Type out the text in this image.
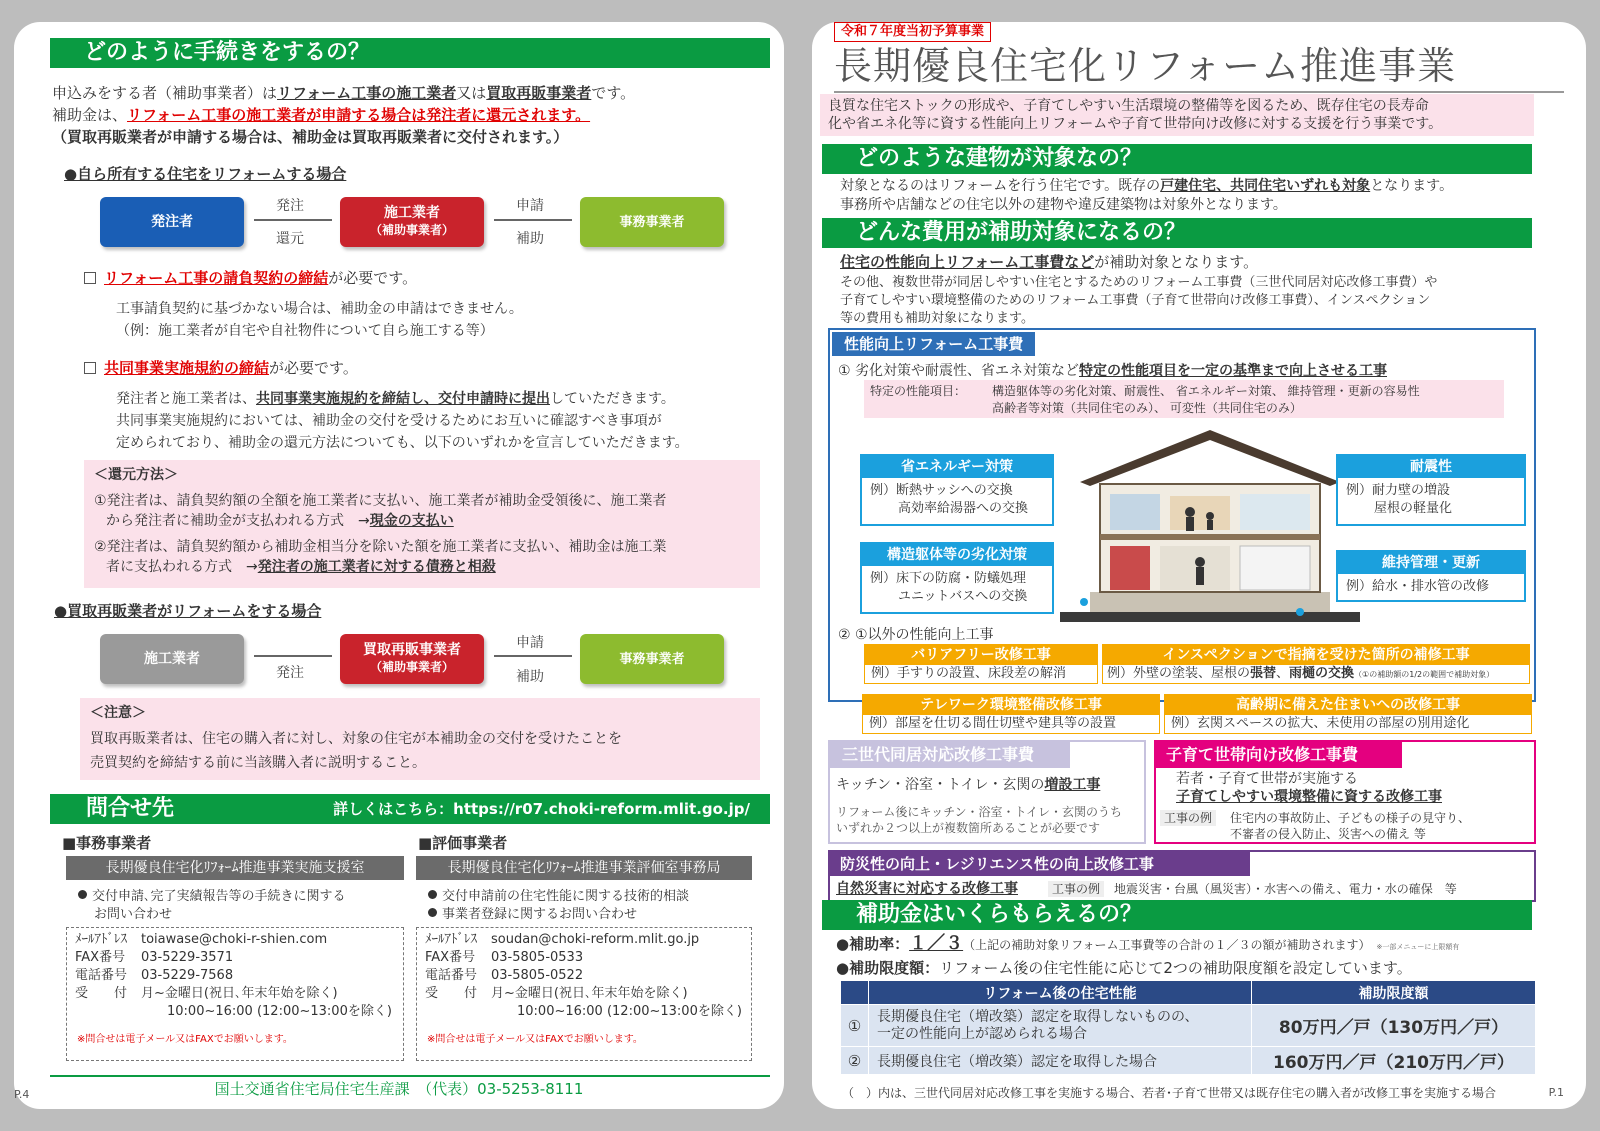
どのように手続きをするの？
申込みをする者（補助事業者）はリフォーム工事の施工業者又は買取再販事業者です。
補助金は、リフォーム工事の施工業者が申請する場合は発注者に還元されます。
（買取再販業者が申請する場合は、補助金は買取再販業者に交付されます。）
●自ら所有する住宅をリフォームする場合
発注者
発注
還元
施工業者
（補助事業者）
申請
補助
事務事業者
リフォーム工事の請負契約の締結が必要です。
工事請負契約に基づかない場合は、補助金の申請はできません。
（例：施工業者が自宅や自社物件について自ら施工する等）
共同事業実施規約の締結が必要です。
発注者と施工業者は、共同事業実施規約を締結し、交付申請時に提出していただきます。
共同事業実施規約においては、補助金の交付を受けるためにお互いに確認すべき事項が
定められており、補助金の還元方法についても、以下のいずれかを宣言していただきます。
＜還元方法＞
①発注者は、請負契約額の全額を施工業者に支払い、施工業者が補助金受領後に、施工業者
から発注者に補助金が支払われる方式　→現金の支払い
②発注者は、請負契約額から補助金相当分を除いた額を施工業者に支払い、補助金は施工業
者に支払われる方式　→発注者の施工業者に対する債務と相殺
●買取再販業者がリフォームをする場合
施工業者
発注
買取再販事業者
（補助事業者）
申請
補助
事務事業者
＜注意＞
買取再販業者は、住宅の購入者に対し、対象の住宅が本補助金の交付を受けたことを
売買契約を締結する前に当該購入者に説明すること。
問合せ先	詳しくはこちら：https://r07.choki-reform.mlit.go.jp/
■事務事業者
長期優良住宅化ﾘﾌｫｰﾑ推進事業実施支援室
交付申請､完了実績報告等の手続きに関する
お問い合わせ
ﾒｰﾙｱﾄﾞﾚｽ toiawase@choki-r-shien.com
FAX番号 03-5229-3571
電話番号 03-5229-7568
受　　付 月~金曜日(祝日､年末年始を除く)
10:00~16:00 (12:00~13:00を除く)
※問合せは電子メール又はFAXでお願いします。
■評価事業者
長期優良住宅化ﾘﾌｫｰﾑ推進事業評価室事務局
交付申請前の住宅性能に関する技術的相談
事業者登録に関するお問い合わせ
ﾒｰﾙｱﾄﾞﾚｽ soudan@choki-reform.mlit.go.jp
FAX番号 03-5805-0533
電話番号 03-5805-0522
受　　付 月~金曜日(祝日､年末年始を除く)
10:00~16:00 (12:00~13:00を除く)
※問合せは電子メール又はFAXでお願いします。
国土交通省住宅局住宅生産課　（代表）03-5253-8111
P.4
令和７年度当初予算事業
長期優良住宅化リフォーム推進事業
良質な住宅ストックの形成や、子育てしやすい生活環境の整備等を図るため、既存住宅の長寿命
化や省エネ化等に資する性能向上リフォームや子育て世帯向け改修に対する支援を行う事業です。
どのような建物が対象なの？
対象となるのはリフォームを行う住宅です。既存の戸建住宅、共同住宅いずれも対象となります。
事務所や店舗などの住宅以外の建物や違反建築物は対象外となります。
どんな費用が補助対象になるの？
住宅の性能向上リフォーム工事費などが補助対象となります。
その他、複数世帯が同居しやすい住宅とするためのリフォーム工事費（三世代同居対応改修工事費）や
子育てしやすい環境整備のためのリフォーム工事費（子育て世帯向け改修工事費）、インスペクション
等の費用も補助対象になります。
性能向上リフォーム工事費
① 劣化対策や耐震性、省エネ対策など特定の性能項目を一定の基準まで向上させる工事
特定の性能項目： 構造躯体等の劣化対策、耐震性、 省エネルギー対策、 維持管理・更新の容易性
高齢者等対策（共同住宅のみ）、 可変性（共同住宅のみ）
省エネルギー対策
例）断熱サッシへの交換
高効率給湯器への交換
耐震性
例）耐力壁の増設
屋根の軽量化
構造躯体等の劣化対策
例）床下の防腐・防蟻処理
ユニットバスへの交換
維持管理・更新
例）給水・排水管の改修
② ①以外の性能向上工事
バリアフリー改修工事
例）手すりの設置、床段差の解消
インスペクションで指摘を受けた箇所の補修工事
例）外壁の塗装、屋根の張替、雨樋の交換（①の補助額の1/2の範囲で補助対象）
テレワーク環境整備改修工事
例）部屋を仕切る間仕切壁や建具等の設置
高齢期に備えた住まいへの改修工事
例）玄関スペースの拡大、未使用の部屋の別用途化
三世代同居対応改修工事費
キッチン・浴室・トイレ・玄関の増設工事
リフォーム後にキッチン・浴室・トイレ・玄関のうち
いずれか２つ以上が複数箇所あることが必要です
子育て世帯向け改修工事費
若者・子育て世帯が実施する
子育てしやすい環境整備に資する改修工事
工事の例	住宅内の事故防止、子どもの様子の見守り、
不審者の侵入防止、災害への備え 等
防災性の向上・レジリエンス性の向上改修工事
自然災害に対応する改修工事	工事の例	地震災害・台風（風災害）・水害への備え、電力・水の確保　等
補助金はいくらもらえるの？
●補助率：１／３（上記の補助対象リフォーム工事費等の合計の１／３の額が補助されます） ※一部メニューに上限額有
●補助限度額：リフォーム後の住宅性能に応じて2つの補助限度額を設定しています。
	リフォーム後の住宅性能	補助限度額
①	長期優良住宅（増改築）認定を取得しないものの、
一定の性能向上が認められる場合	80万円／戸（130万円／戸）
②	長期優良住宅（増改築）認定を取得した場合	160万円／戸（210万円／戸）
（　）内は、三世代同居対応改修工事を実施する場合、若者･子育て世帯又は既存住宅の購入者が改修工事を実施する場合	P.1
